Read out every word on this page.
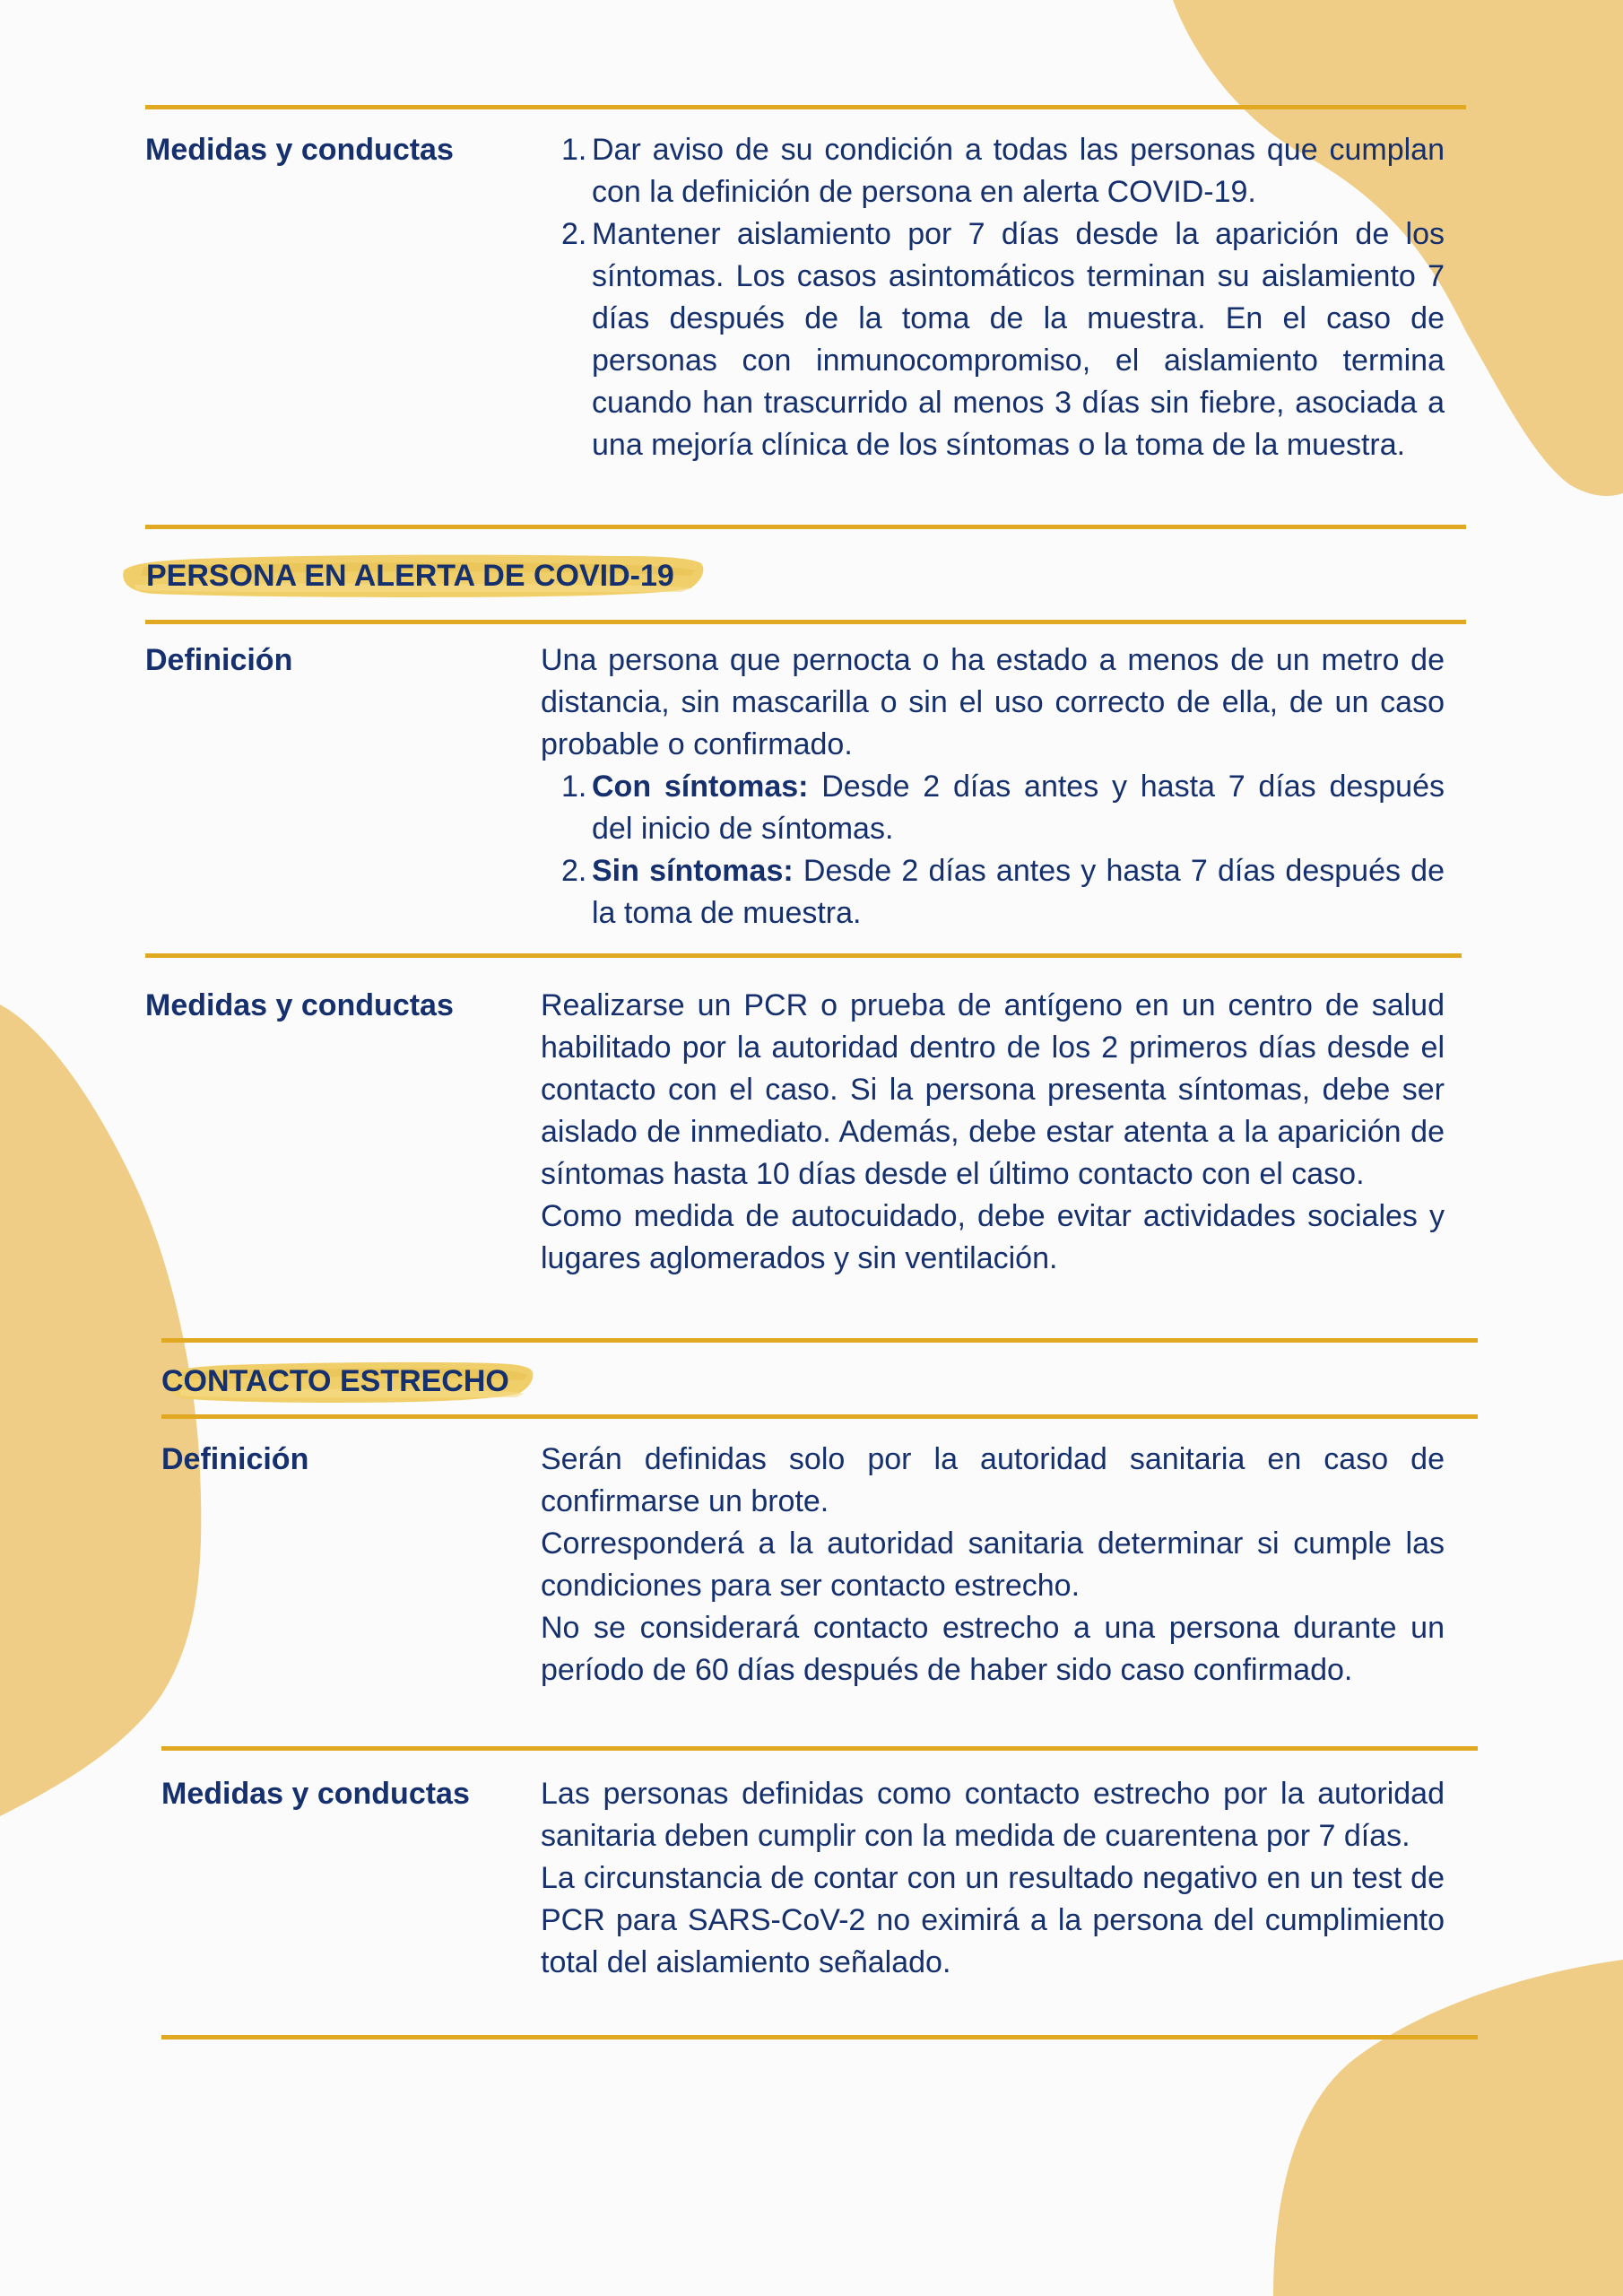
Medidas y conductas	1. Dar aviso de su condición a todas las personas que cumplan con la definición de persona en alerta COVID-19.
2. Mantener aislamiento por 7 días desde la aparición de los síntomas. Los casos asintomáticos terminan su aislamiento 7 días después de la toma de la muestra. En el caso de personas con inmunocompromiso, el aislamiento termina cuando han trascurrido al menos 3 días sin fiebre, asociada a una mejoría clínica de los síntomas o la toma de la muestra.
PERSONA EN ALERTA DE COVID-19
Definición	Una persona que pernocta o ha estado a menos de un metro de distancia, sin mascarilla o sin el uso correcto de ella, de un caso probable o confirmado.

1. Con síntomas: Desde 2 días antes y hasta 7 días después del inicio de síntomas.
2. Sin síntomas: Desde 2 días antes y hasta 7 días después de la toma de muestra.
Medidas y conductas	Realizarse un PCR o prueba de antígeno en un centro de salud habilitado por la autoridad dentro de los 2 primeros días desde el contacto con el caso. Si la persona presenta síntomas, debe ser aislado de inmediato. Además, debe estar atenta a la aparición de síntomas hasta 10 días desde el último contacto con el caso.

Como medida de autocuidado, debe evitar actividades sociales y lugares aglomerados y sin ventilación.

CONTACTO ESTRECHO
Definición	Serán definidas solo por la autoridad sanitaria en caso de confirmarse un brote.

Corresponderá a la autoridad sanitaria determinar si cumple las condiciones para ser contacto estrecho.

No se considerará contacto estrecho a una persona durante un período de 60 días después de haber sido caso confirmado.

Medidas y conductas Las personas definidas como contacto estrecho por la autoridad sanitaria deben cumplir con la medida de cuarentena por 7 días.

La circunstancia de contar con un resultado negativo en un test de PCR para SARS-CoV-2 no eximirá a la persona del cumplimiento total del aislamiento señalado.
